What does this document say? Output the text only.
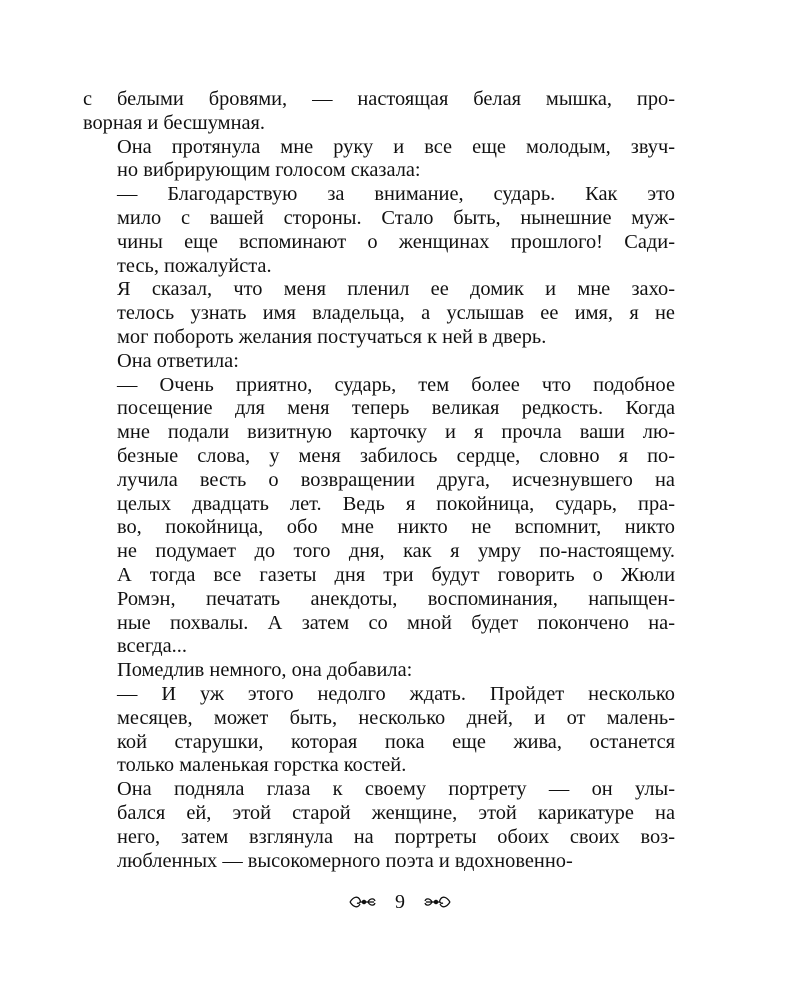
с белыми бровями, — настоящая белая мышка, про-
ворная и бесшумная.

Она протянула мне руку и все еще молодым, звуч-
но вибрирующим голосом сказала:

— Благодарствую за внимание, сударь. Как это
мило с вашей стороны. Стало быть, нынешние муж-
чины еще вспоминают о женщинах прошлого! Сади-
тесь, пожалуйста.

Я сказал, что меня пленил ее домик и мне захо-
телось узнать имя владельца, а услышав ее имя, я не
мог побороть желания постучаться к ней в дверь.

Она ответила:

— Очень приятно, сударь, тем более что подобное
посещение для меня теперь великая редкость. Когда
мне подали визитную карточку и я прочла ваши лю-
безные слова, у меня забилось сердце, словно я по-
лучила весть о возвращении друга, исчезнувшего на
целых двадцать лет. Ведь я покойница, сударь, пра-
во, покойница, обо мне никто не вспомнит, никто
не подумает до того дня, как я умру по-настоящему.
А тогда все газеты дня три будут говорить о Жюли
Ромэн, печатать анекдоты, воспоминания, напыщен-
ные похвалы. А затем со мной будет покончено на-
всегда...

Помедлив немного, она добавила:

— И уж этого недолго ждать. Пройдет несколько
месяцев, может быть, несколько дней, и от малень-
кой старушки, которая пока еще жива, останется
только маленькая горстка костей.

Она подняла глаза к своему портрету — он улы-
бался ей, этой старой женщине, этой карикатуре на
него, затем взглянула на портреты обоих своих воз-
любленных — высокомерного поэта и вдохновенно-

9
